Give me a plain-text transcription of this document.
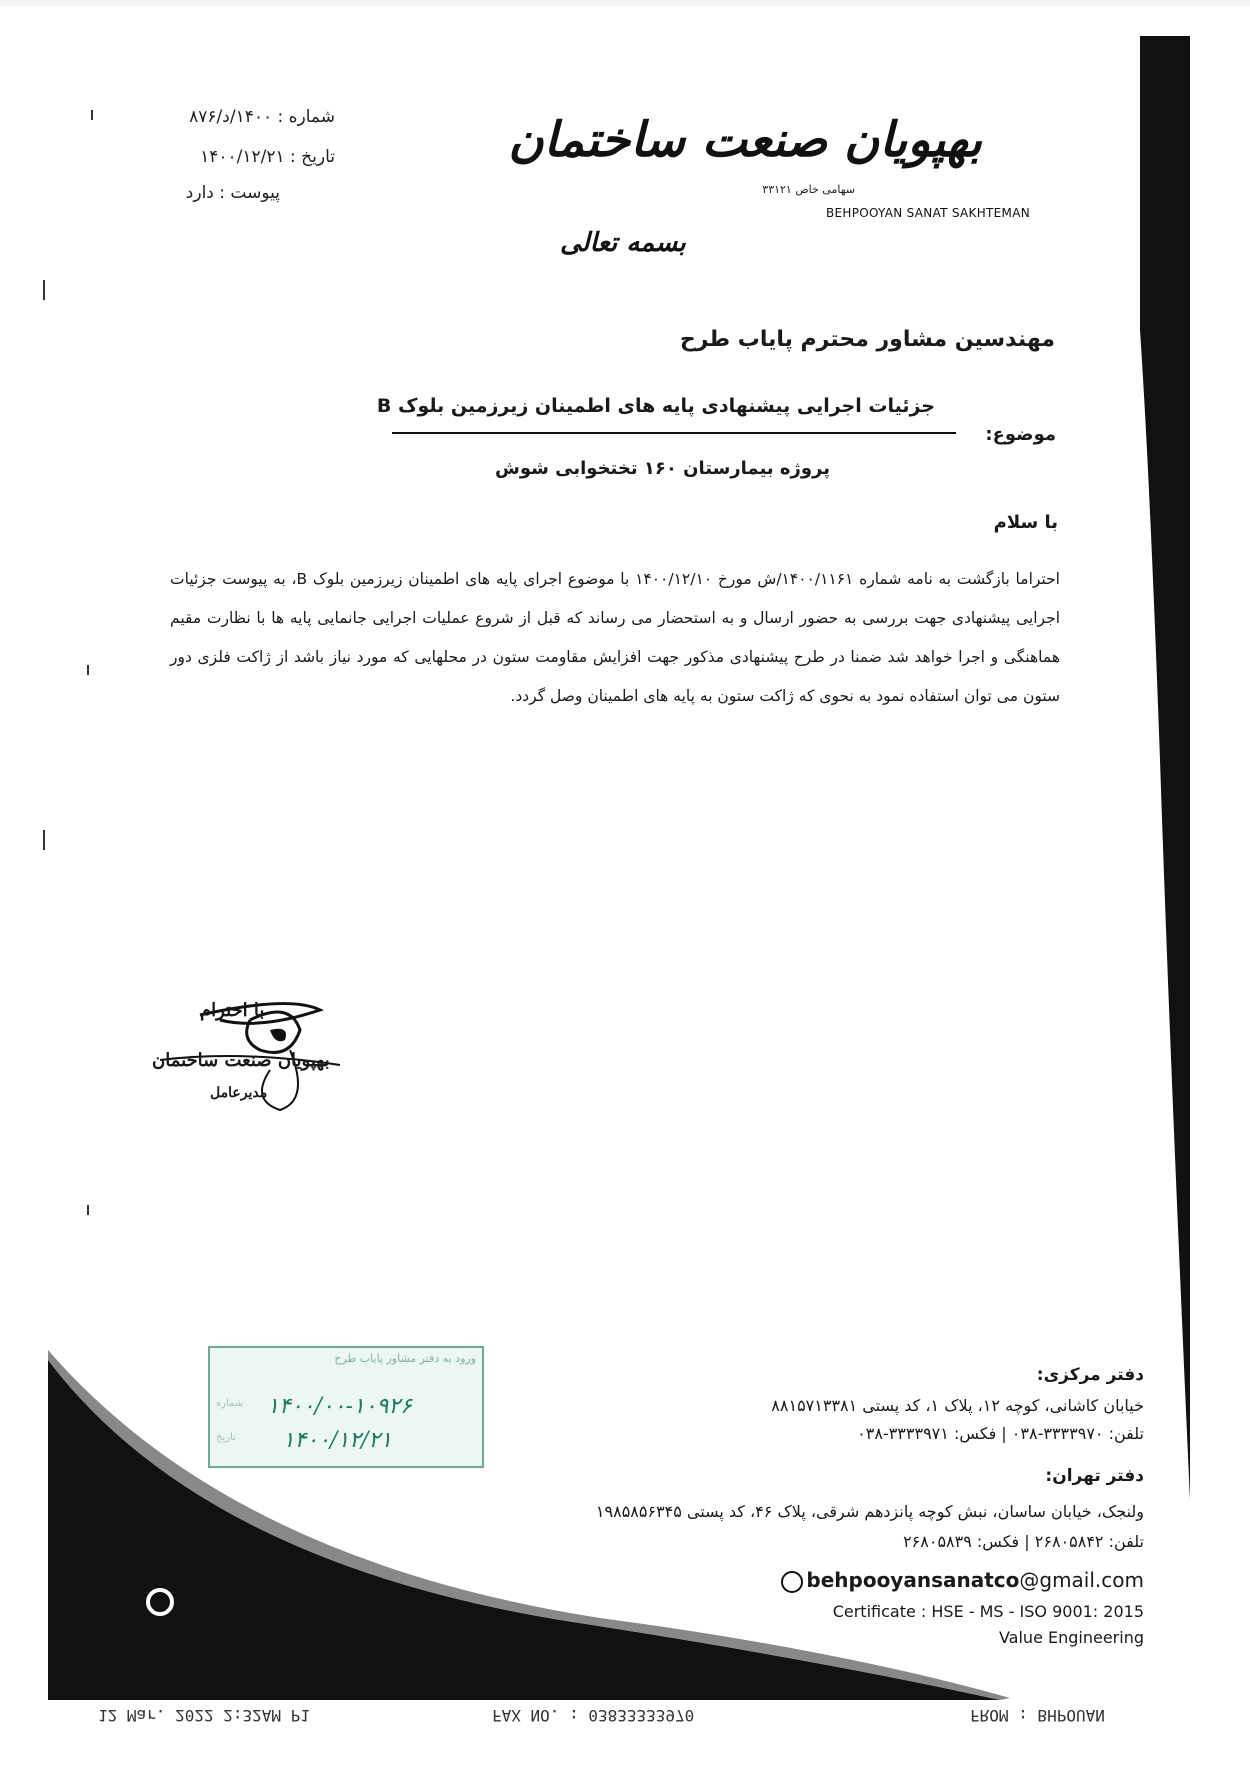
شماره : ۱۴۰۰/د/۸۷۶
تاریخ : ۱۴۰۰/۱۲/۲۱
پیوست : دارد
بهپویان صنعت ساختمان
سهامی خاص ۳۳۱۲۱
BEHPOOYAN SANAT SAKHTEMAN
بسمه تعالی
مهندسین مشاور محترم پایاب طرح
موضوع:
جزئیات اجرایی پیشنهادی پایه های اطمینان زیرزمین بلوک B
پروژه بیمارستان ۱۶۰ تختخوابی شوش
با سلام
احتراما بازگشت به نامه شماره ۱۴۰۰/۱۱۶۱/ش مورخ ۱۴۰۰/۱۲/۱۰ با موضوع اجرای پایه های اطمینان زیرزمین بلوک B، به پیوست جزئیات اجرایی پیشنهادی جهت بررسی به حضور ارسال و به استحضار می رساند که قبل از شروع عملیات اجرایی جانمایی پایه ها با نظارت مقیم هماهنگی و اجرا خواهد شد ضمنا در طرح پیشنهادی مذکور جهت افزایش مقاومت ستون در محلهایی که مورد نیاز باشد از ژاکت فلزی دور ستون می توان استفاده نمود به نحوی که ژاکت ستون به پایه های اطمینان وصل گردد.
با احترام
بهپویان صنعت ساختمان
مدیرعامل
ورود به دفتر مشاور پایاب طرح
شماره ۱۴۰۰/۰۰-۱۰۹۲۶
تاریخ ۱۴۰۰/۱۲/۲۱
دفتر مرکزی:
خیابان کاشانی، کوچه ۱۲، پلاک ۱، کد پستی ۸۸۱۵۷۱۳۳۸۱
تلفن: ۳۳۳۳۹۷۰-۰۳۸ | فکس: ۳۳۳۳۹۷۱-۰۳۸
دفتر تهران:
ولنجک، خیابان ساسان، نبش کوچه پانزدهم شرقی، پلاک ۴۶، کد پستی ۱۹۸۵۸۵۶۳۴۵
تلفن: ۲۶۸۰۵۸۴۲ | فکس: ۲۶۸۰۵۸۳۹
behpooyansanatco@gmail.com
Certificate : HSE - MS - ISO 9001: 2015
Value Engineering
12 Mar. 2022 2:32AM P1	FAX NO. : 03833333970	FROM : BHPOUAN
